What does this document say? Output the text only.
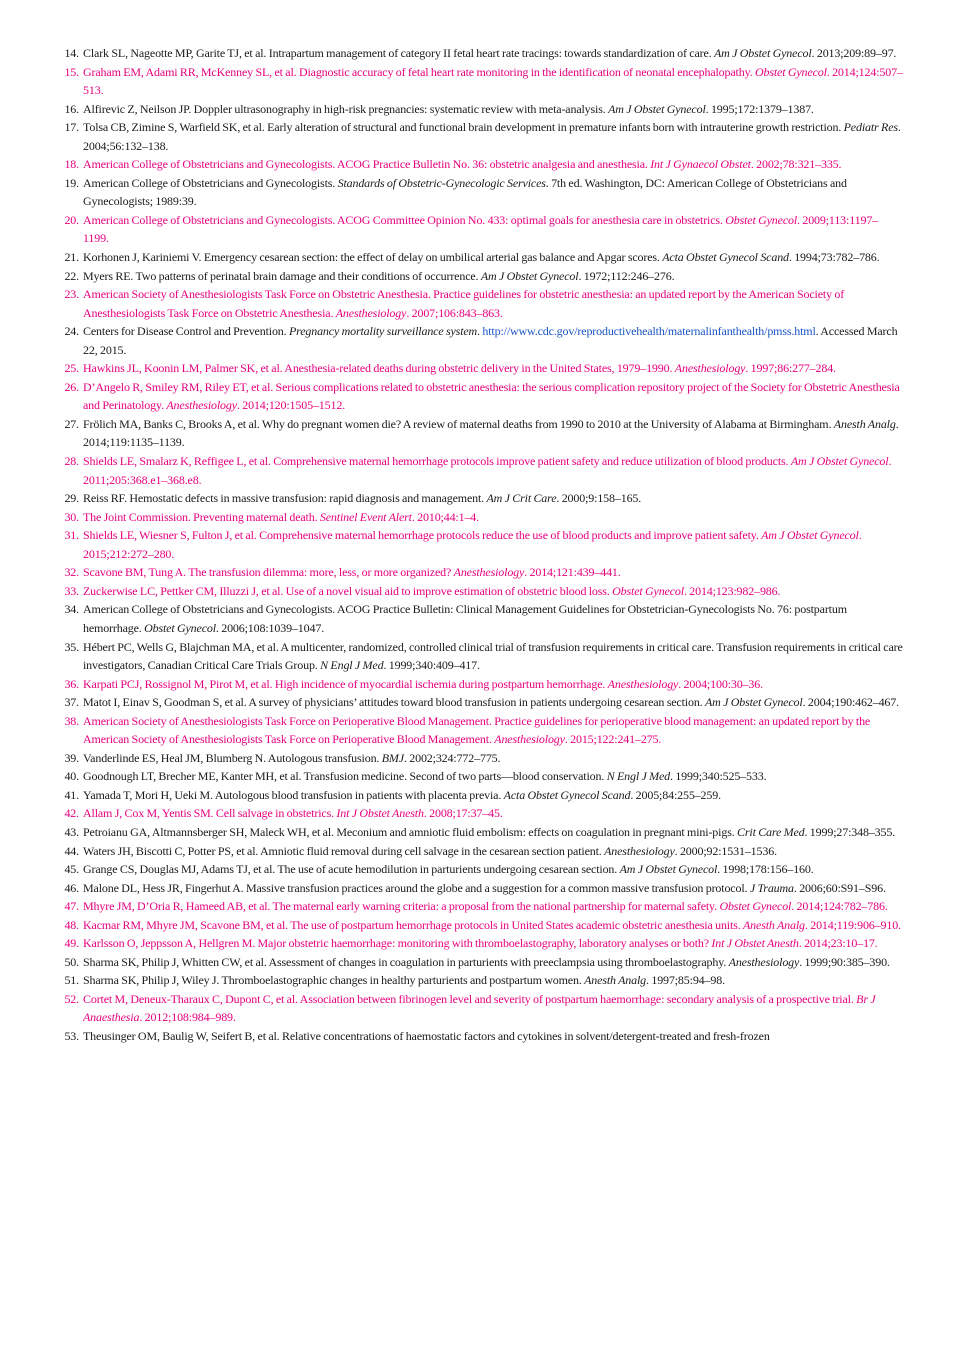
14 . Clark SL, Nageotte MP, Garite TJ, et al. Intrapartum management of category II fetal heart rate tracings: towards standardization of care. Am J Obstet Gynecol. 2013;209:89–97.
15 . Graham EM, Adami RR, McKenney SL, et al. Diagnostic accuracy of fetal heart rate monitoring in the identification of neonatal encephalopathy. Obstet Gynecol. 2014;124:507–513.
16 . Alfirevic Z, Neilson JP. Doppler ultrasonography in high-risk pregnancies: systematic review with meta-analysis. Am J Obstet Gynecol. 1995;172:1379–1387.
17 . Tolsa CB, Zimine S, Warfield SK, et al. Early alteration of structural and functional brain development in premature infants born with intrauterine growth restriction. Pediatr Res. 2004;56:132–138.
18 . American College of Obstetricians and Gynecologists. ACOG Practice Bulletin No. 36: obstetric analgesia and anesthesia. Int J Gynaecol Obstet. 2002;78:321–335.
19 . American College of Obstetricians and Gynecologists. Standards of Obstetric-Gynecologic Services. 7th ed. Washington, DC: American College of Obstetricians and Gynecologists; 1989:39.
20 . American College of Obstetricians and Gynecologists. ACOG Committee Opinion No. 433: optimal goals for anesthesia care in obstetrics. Obstet Gynecol. 2009;113:1197–1199.
21 . Korhonen J, Kariniemi V. Emergency cesarean section: the effect of delay on umbilical arterial gas balance and Apgar scores. Acta Obstet Gynecol Scand. 1994;73:782–786.
22 . Myers RE. Two patterns of perinatal brain damage and their conditions of occurrence. Am J Obstet Gynecol. 1972;112:246–276.
23 . American Society of Anesthesiologists Task Force on Obstetric Anesthesia. Practice guidelines for obstetric anesthesia: an updated report by the American Society of Anesthesiologists Task Force on Obstetric Anesthesia. Anesthesiology. 2007;106:843–863.
24 . Centers for Disease Control and Prevention. Pregnancy mortality surveillance system. http://www.cdc.gov/reproductivehealth/maternalinfanthealth/pmss.html. Accessed March 22, 2015.
25 . Hawkins JL, Koonin LM, Palmer SK, et al. Anesthesia-related deaths during obstetric delivery in the United States, 1979–1990. Anesthesiology. 1997;86:277–284.
26 . D’Angelo R, Smiley RM, Riley ET, et al. Serious complications related to obstetric anesthesia: the serious complication repository project of the Society for Obstetric Anesthesia and Perinatology. Anesthesiology. 2014;120:1505–1512.
27 . Frölich MA, Banks C, Brooks A, et al. Why do pregnant women die? A review of maternal deaths from 1990 to 2010 at the University of Alabama at Birmingham. Anesth Analg. 2014;119:1135–1139.
28 . Shields LE, Smalarz K, Reffigee L, et al. Comprehensive maternal hemorrhage protocols improve patient safety and reduce utilization of blood products. Am J Obstet Gynecol. 2011;205:368.e1–368.e8.
29 . Reiss RF. Hemostatic defects in massive transfusion: rapid diagnosis and management. Am J Crit Care. 2000;9:158–165.
30 . The Joint Commission. Preventing maternal death. Sentinel Event Alert. 2010;44:1–4.
31 . Shields LE, Wiesner S, Fulton J, et al. Comprehensive maternal hemorrhage protocols reduce the use of blood products and improve patient safety. Am J Obstet Gynecol. 2015;212:272–280.
32 . Scavone BM, Tung A. The transfusion dilemma: more, less, or more organized? Anesthesiology. 2014;121:439–441.
33 . Zuckerwise LC, Pettker CM, Illuzzi J, et al. Use of a novel visual aid to improve estimation of obstetric blood loss. Obstet Gynecol. 2014;123:982–986.
34 . American College of Obstetricians and Gynecologists. ACOG Practice Bulletin: Clinical Management Guidelines for Obstetrician-Gynecologists No. 76: postpartum hemorrhage. Obstet Gynecol. 2006;108:1039–1047.
35 . Hébert PC, Wells G, Blajchman MA, et al. A multicenter, randomized, controlled clinical trial of transfusion requirements in critical care. Transfusion requirements in critical care investigators, Canadian Critical Care Trials Group. N Engl J Med. 1999;340:409–417.
36 . Karpati PCJ, Rossignol M, Pirot M, et al. High incidence of myocardial ischemia during postpartum hemorrhage. Anesthesiology. 2004;100:30–36.
37 . Matot I, Einav S, Goodman S, et al. A survey of physicians’ attitudes toward blood transfusion in patients undergoing cesarean section. Am J Obstet Gynecol. 2004;190:462–467.
38 . American Society of Anesthesiologists Task Force on Perioperative Blood Management. Practice guidelines for perioperative blood management: an updated report by the American Society of Anesthesiologists Task Force on Perioperative Blood Management. Anesthesiology. 2015;122:241–275.
39 . Vanderlinde ES, Heal JM, Blumberg N. Autologous transfusion. BMJ. 2002;324:772–775.
40 . Goodnough LT, Brecher ME, Kanter MH, et al. Transfusion medicine. Second of two parts—blood conservation. N Engl J Med. 1999;340:525–533.
41 . Yamada T, Mori H, Ueki M. Autologous blood transfusion in patients with placenta previa. Acta Obstet Gynecol Scand. 2005;84:255–259.
42 . Allam J, Cox M, Yentis SM. Cell salvage in obstetrics. Int J Obstet Anesth. 2008;17:37–45.
43 . Petroianu GA, Altmannsberger SH, Maleck WH, et al. Meconium and amniotic fluid embolism: effects on coagulation in pregnant mini-pigs. Crit Care Med. 1999;27:348–355.
44 . Waters JH, Biscotti C, Potter PS, et al. Amniotic fluid removal during cell salvage in the cesarean section patient. Anesthesiology. 2000;92:1531–1536.
45 . Grange CS, Douglas MJ, Adams TJ, et al. The use of acute hemodilution in parturients undergoing cesarean section. Am J Obstet Gynecol. 1998;178:156–160.
46 . Malone DL, Hess JR, Fingerhut A. Massive transfusion practices around the globe and a suggestion for a common massive transfusion protocol. J Trauma. 2006;60:S91–S96.
47 . Mhyre JM, D’Oria R, Hameed AB, et al. The maternal early warning criteria: a proposal from the national partnership for maternal safety. Obstet Gynecol. 2014;124:782–786.
48 . Kacmar RM, Mhyre JM, Scavone BM, et al. The use of postpartum hemorrhage protocols in United States academic obstetric anesthesia units. Anesth Analg. 2014;119:906–910.
49 . Karlsson O, Jeppsson A, Hellgren M. Major obstetric haemorrhage: monitoring with thromboelastography, laboratory analyses or both? Int J Obstet Anesth. 2014;23:10–17.
50 . Sharma SK, Philip J, Whitten CW, et al. Assessment of changes in coagulation in parturients with preeclampsia using thromboelastography. Anesthesiology. 1999;90:385–390.
51 . Sharma SK, Philip J, Wiley J. Thromboelastographic changes in healthy parturients and postpartum women. Anesth Analg. 1997;85:94–98.
52 . Cortet M, Deneux-Tharaux C, Dupont C, et al. Association between fibrinogen level and severity of postpartum haemorrhage: secondary analysis of a prospective trial. Br J Anaesthesia. 2012;108:984–989.
53 . Theusinger OM, Baulig W, Seifert B, et al. Relative concentrations of haemostatic factors and cytokines in solvent/detergent-treated and fresh-frozen
